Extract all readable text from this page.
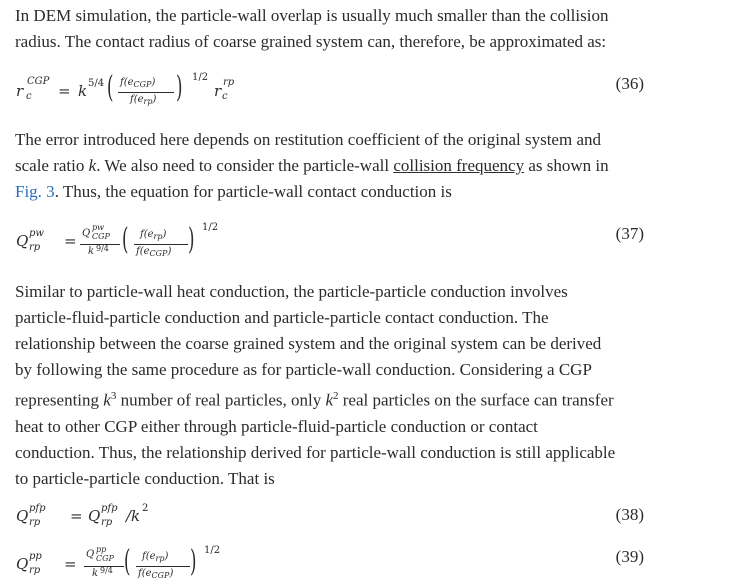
In DEM simulation, the particle-wall overlap is usually much smaller than the collision
radius. The contact radius of coarse grained system can, therefore, be approximated as:
r
CGP
c = k 5/4 ( $f(e_{CGP})$
$f(e_{rp})$ ) 1/2
r rp
c
(36)
The error introduced here depends on restitution coefficient of the original system and
scale ratio k. We also need to consider the particle-wall collision frequency as shown in
Fig. 3. Thus, the equation for particle-wall contact conduction is
Q pw
rp = Q
pw
CGP
k 9/4 ( $f(e_{rp})$
$f(e_{CGP})$ ) 1/2	(37)
Similar to particle-wall heat conduction, the particle-particle conduction involves
particle-fluid-particle conduction and particle-particle contact conduction. The
relationship between the coarse grained system and the original system can be derived
by following the same procedure as for particle-wall conduction. Considering a CGP
representing $k^3$ number of real particles, only $k^2$ real particles on the surface can transfer
heat to other CGP either through particle-fluid-particle conduction or contact
conduction. Thus, the relationship derived for particle-wall conduction is still applicable
to particle-particle conduction. That is
Q pfp
rp = Q pfp
rp /k 2	(38)
Q pp
rp =
Q pp
CGP
k 9/4 ( $f(e_{rp})$
$f(e_{CGP})$ ) 1/2	(39)
